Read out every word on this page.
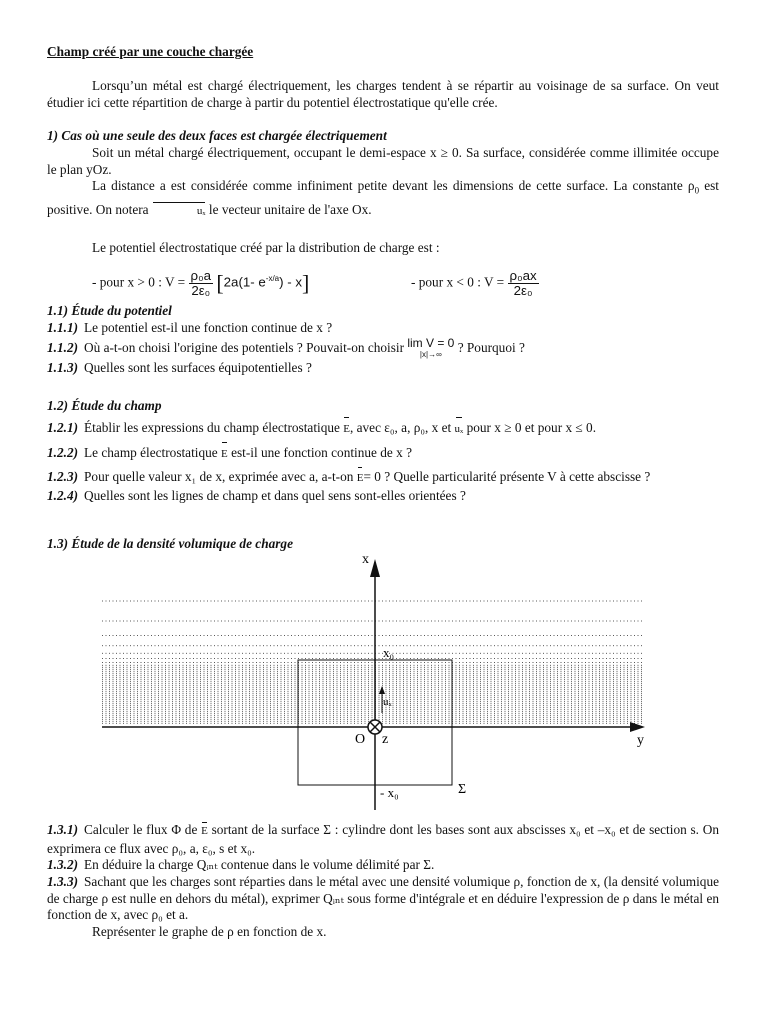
Champ créé par une couche chargée

Lorsqu’un métal est chargé électriquement, les charges tendent à se répartir au voisinage de sa surface. On veut étudier ici cette répartition de charge à partir du potentiel électrostatique qu'elle crée.

1) Cas où une seule des deux faces est chargée électriquement

Soit un métal chargé électriquement, occupant le demi-espace x ≥ 0. Sa surface, considérée comme illimitée occupe le plan yOz.

La distance a est considérée comme infiniment petite devant les dimensions de cette surface. La constante $\rho_0$ est positive. On notera	uₓ le vecteur unitaire de l'axe Ox.

Le potentiel électrostatique créé par la distribution de charge est :

- pour x > 0 : $V = \frac{\text{ρ₀a}}{\text{2ε₀}} [2a(1-$ $e^{-x/a}) - x$]	- pour x < 0 : $V = \frac{\text{ρ₀ax}}{\text{2ε₀}}$

1.1) Étude du potentiel

1.1.1) Le potentiel est-il une fonction continue de x ?

1.1.2) Où a-t-on choisi l'origine des potentiels ? Pouvait-on choisir lim V = 0
|x|→∞ ? Pourquoi ?

1.1.3) Quelles sont les surfaces équipotentielles ?

1.2) Étude du champ

1.2.1) Établir les expressions du champ électrostatique E, avec ε₀, a, ρ₀, x et uₓ pour x ≥ 0 et pour x ≤ 0.

1.2.2) Le champ électrostatique E est-il une fonction continue de x ?

1.2.3) Pour quelle valeur x₁ de x, exprimée avec a, a-t-on E= 0 ? Quelle particularité présente V à cette abscisse ?

1.2.4) Quelles sont les lignes de champ et dans quel sens sont-elles orientées ?

1.3) Étude de la densité volumique de charge

x
y
O z
x₀
uₓ
- x₀	Σ

1.3.1) Calculer le flux Φ de E sortant de la surface Σ : cylindre dont les bases sont aux abscisses x₀ et –x₀ et de section s. On exprimera ce flux avec ρ₀, a, ε₀, s et x₀.

1.3.2) En déduire la charge Qᵢₙₜ contenue dans le volume délimité par Σ.

1.3.3) Sachant que les charges sont réparties dans le métal avec une densité volumique ρ, fonction de x, (la densité volumique de charge ρ est nulle en dehors du métal), exprimer Qᵢₙₜ sous forme d'intégrale et en déduire l'expression de ρ dans le métal en fonction de x, avec ρ₀ et a.

Représenter le graphe de ρ en fonction de x.
